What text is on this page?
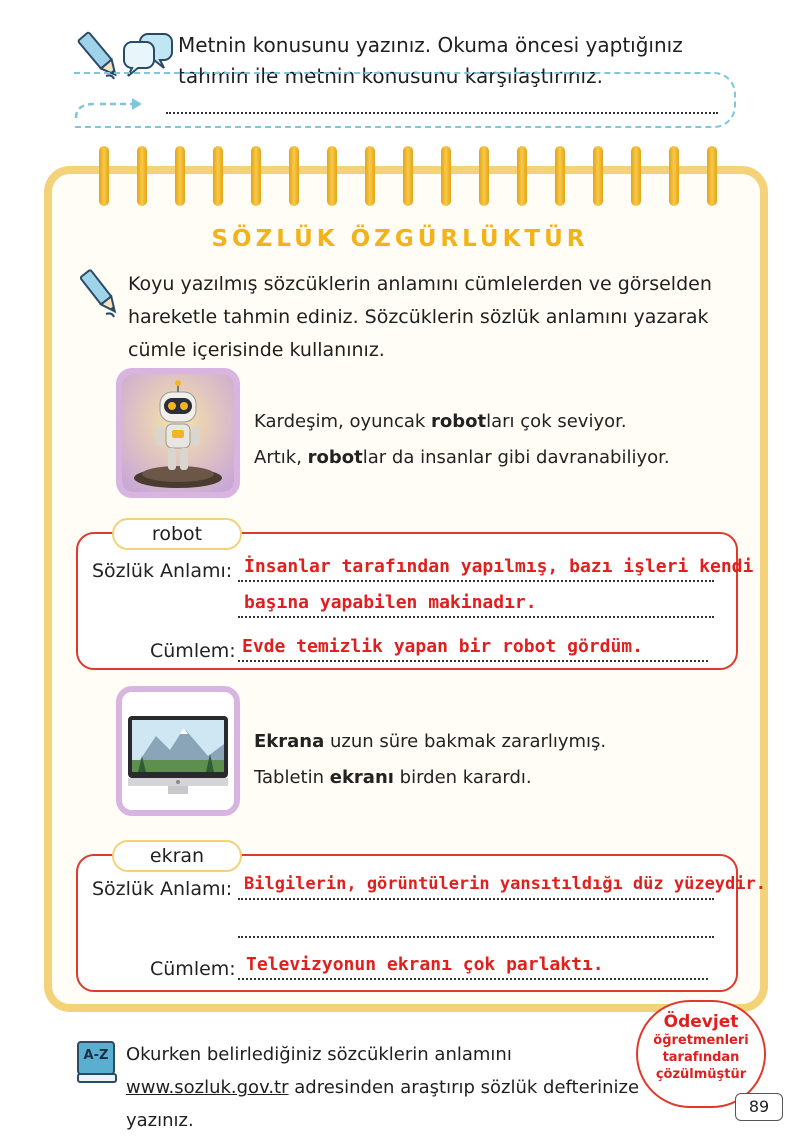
Metnin konusunu yazınız. Okuma öncesi yaptığınız tahmin ile metnin konusunu karşılaştırınız.
SÖZLÜK ÖZGÜRLÜKTÜR
Koyu yazılmış sözcüklerin anlamını cümlelerden ve görselden hareketle tahmin ediniz. Sözcüklerin sözlük anlamını yazarak cümle içerisinde kullanınız.
Kardeşim, oyuncak robotları çok seviyor.
Artık, robotlar da insanlar gibi davranabiliyor.
robot
Sözlük Anlamı: İnsanlar tarafından yapılmış, bazı işleri kendi
başına yapabilen makinadır.
Cümlem: Evde temizlik yapan bir robot gördüm.
Ekrana uzun süre bakmak zararlıymış.
Tabletin ekranı birden karardı.
ekran
Sözlük Anlamı: Bilgilerin, görüntülerin yansıtıldığı düz yüzeydir.
Cümlem: Televizyonun ekranı çok parlaktı.
A-Z Okurken belirlediğiniz sözcüklerin anlamını www.sozluk.gov.tr adresinden araştırıp sözlük defterinize yazınız.
Ödevjet
öğretmenleri
tarafından
çözülmüştür
89
